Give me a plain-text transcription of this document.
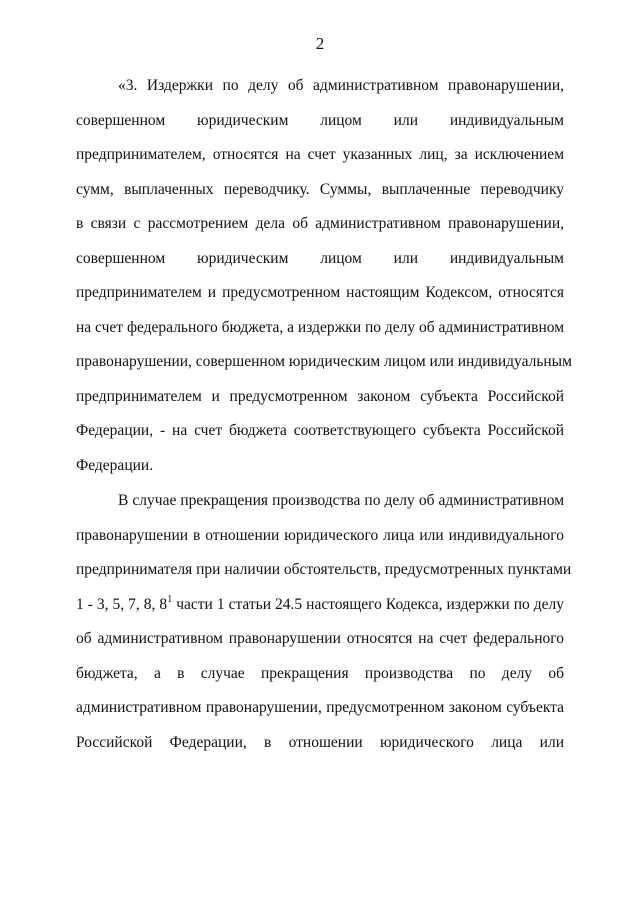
2
«3. Издержки по делу об административном правонарушении,
совершенном юридическим лицом или индивидуальным
предпринимателем, относятся на счет указанных лиц, за исключением
сумм, выплаченных переводчику. Суммы, выплаченные переводчику
в связи с рассмотрением дела об административном правонарушении,
совершенном юридическим лицом или индивидуальным
предпринимателем и предусмотренном настоящим Кодексом, относятся
на счет федерального бюджета, а издержки по делу об административном
правонарушении, совершенном юридическим лицом или индивидуальным
предпринимателем и предусмотренном законом субъекта Российской
Федерации, - на счет бюджета соответствующего субъекта Российской
Федерации.
В случае прекращения производства по делу об административном
правонарушении в отношении юридического лица или индивидуального
предпринимателя при наличии обстоятельств, предусмотренных пунктами
1 - 3, 5, 7, 8, $8^1$ части 1 статьи 24.5 настоящего Кодекса, издержки по делу
об административном правонарушении относятся на счет федерального
бюджета, а в случае прекращения производства по делу об
административном правонарушении, предусмотренном законом субъекта
Российской Федерации, в отношении юридического лица или
